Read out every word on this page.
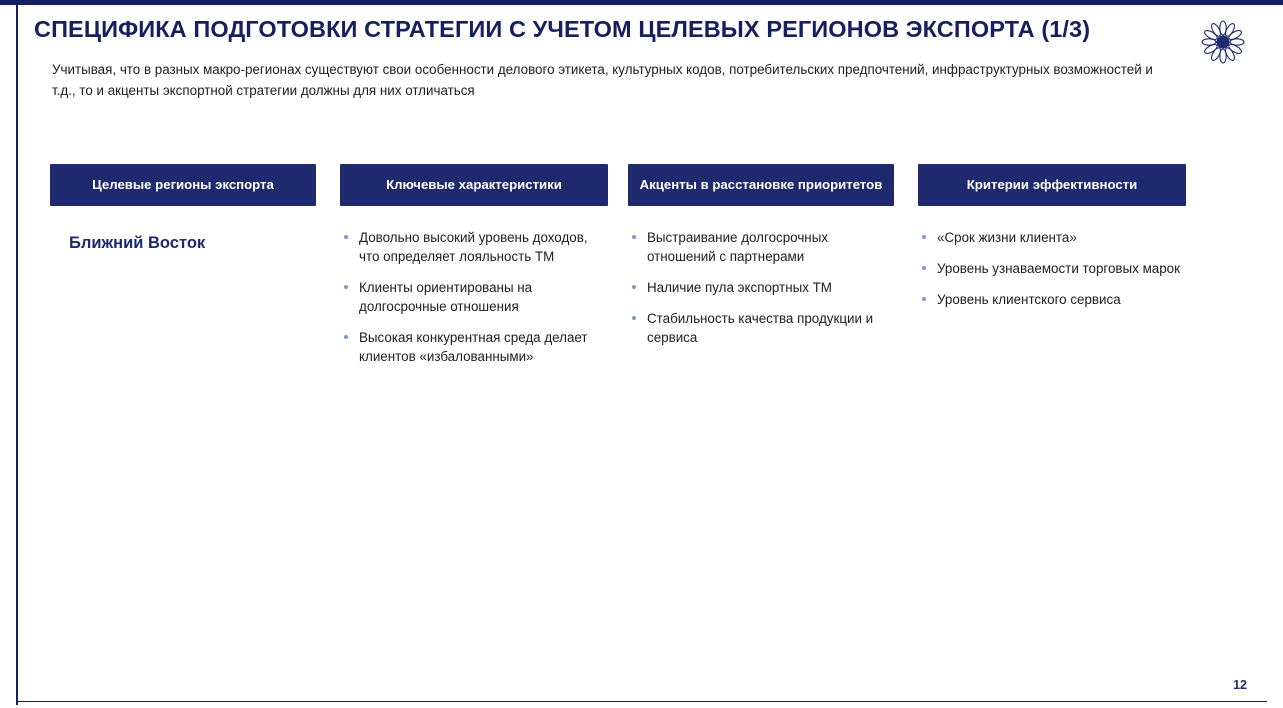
СПЕЦИФИКА ПОДГОТОВКИ СТРАТЕГИИ С УЧЕТОМ ЦЕЛЕВЫХ РЕГИОНОВ ЭКСПОРТА (1/3)
Учитывая, что в разных макро-регионах существуют свои особенности делового этикета, культурных кодов, потребительских предпочтений, инфраструктурных возможностей и т.д., то и акценты экспортной стратегии должны для них отличаться
Целевые регионы экспорта
Ближний Восток
Ключевые характеристики
Довольно высокий уровень доходов, что определяет лояльность ТМ
Клиенты ориентированы на долгосрочные отношения
Высокая конкурентная среда делает клиентов «избалованными»
Акценты в расстановке приоритетов
Выстраивание долгосрочных отношений с партнерами
Наличие пула экспортных ТМ
Стабильность качества продукции и сервиса
Критерии эффективности
«Срок жизни клиента»
Уровень узнаваемости торговых марок
Уровень клиентского сервиса
12
